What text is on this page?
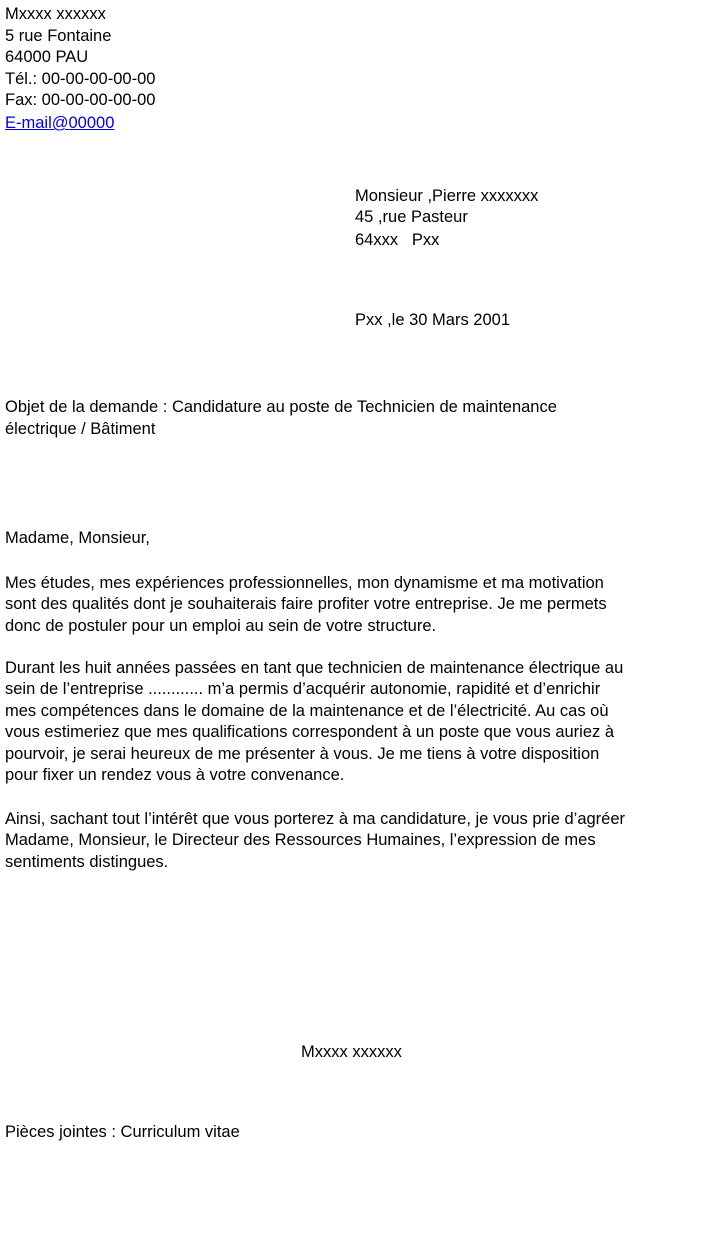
Mxxxx xxxxxx
5 rue Fontaine
64000 PAU
Tél.: 00-00-00-00-00
Fax: 00-00-00-00-00
E-mail@00000
Monsieur ,Pierre xxxxxxx
45 ,rue Pasteur
64xxx   Pxx
Pxx ,le 30 Mars 2001

Objet de la demande : Candidature au poste de Technicien de maintenance
électrique / Bâtiment

Madame, Monsieur,

Mes études, mes expériences professionnelles, mon dynamisme et ma motivation
sont des qualités dont je souhaiterais faire profiter votre entreprise. Je me permets
donc de postuler pour un emploi au sein de votre structure.

Durant les huit années passées en tant que technicien de maintenance électrique au
sein de l’entreprise ............ m’a permis d’acquérir autonomie, rapidité et d’enrichir
mes compétences dans le domaine de la maintenance et de l’électricité. Au cas où
vous estimeriez que mes qualifications correspondent à un poste que vous auriez à
pourvoir, je serai heureux de me présenter à vous. Je me tiens à votre disposition
pour fixer un rendez vous à votre convenance.

Ainsi, sachant tout l’intérêt que vous porterez à ma candidature, je vous prie d’agréer
Madame, Monsieur, le Directeur des Ressources Humaines, l’expression de mes
sentiments distingues.

Mxxxx xxxxxx
Pièces jointes : Curriculum vitae
